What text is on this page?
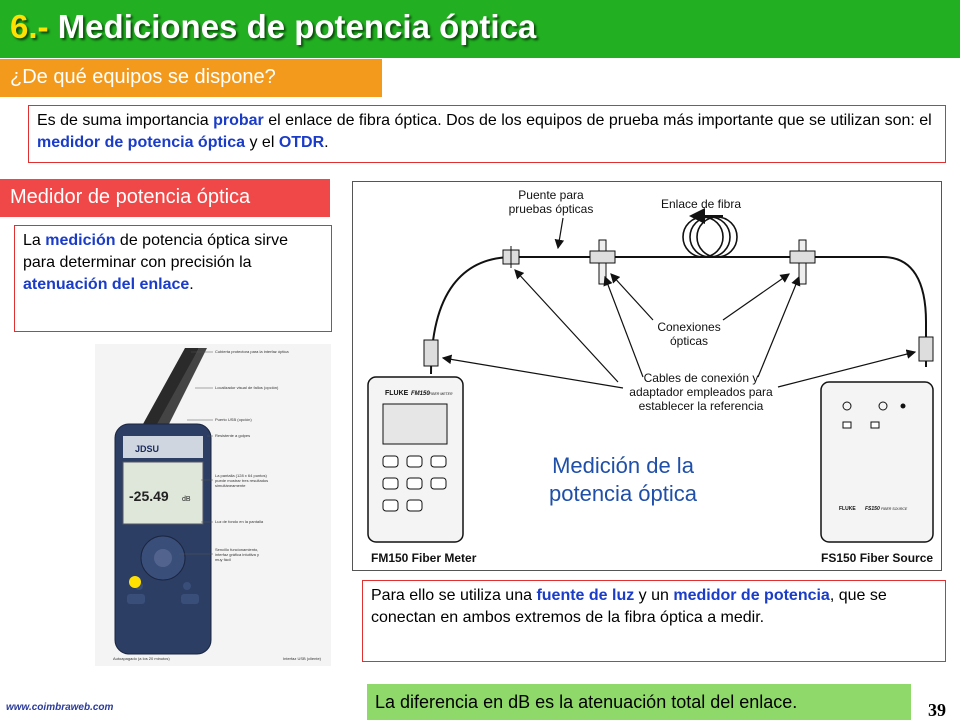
6.- Mediciones de potencia óptica
¿De qué equipos se dispone?
Es de suma importancia probar el enlace de fibra óptica. Dos de los equipos de prueba más importante que se utilizan son: el medidor de potencia óptica y el OTDR.
Medidor de potencia óptica
La medición de potencia óptica sirve para determinar con precisión la atenuación del enlace.
Puente para
pruebas ópticas	Enlace de fibra
Conexiones
ópticas
Cables de conexión y
adaptador empleados para
establecer la referencia
Medición de la
potencia óptica
FLUKE FM150 FIBER METER
FM150 Fiber Meter
FLUKE FS150 FIBER SOURCE
FS150 Fiber Source
JDSU
-25.49 dB
Cubierta protectora para la interfaz óptica
Localizador visual de fallos (opción)
Puerto USB (opción)
Resistente a golpes
La pantalla (128 x 64 puntos)
puede mostrar tres resultados
simultáneamente
Luz de fondo en la pantalla
Sencillo funcionamiento,
interfaz gráfica intuitiva y
muy fácil
Autoapagado (a los 20 minutos)	Interfaz USB (cliente)
Para ello se utiliza una fuente de luz y un medidor de potencia, que se conectan en ambos extremos de la fibra óptica a medir.
La diferencia en dB es la atenuación total del enlace.
www.coimbraweb.com	39
